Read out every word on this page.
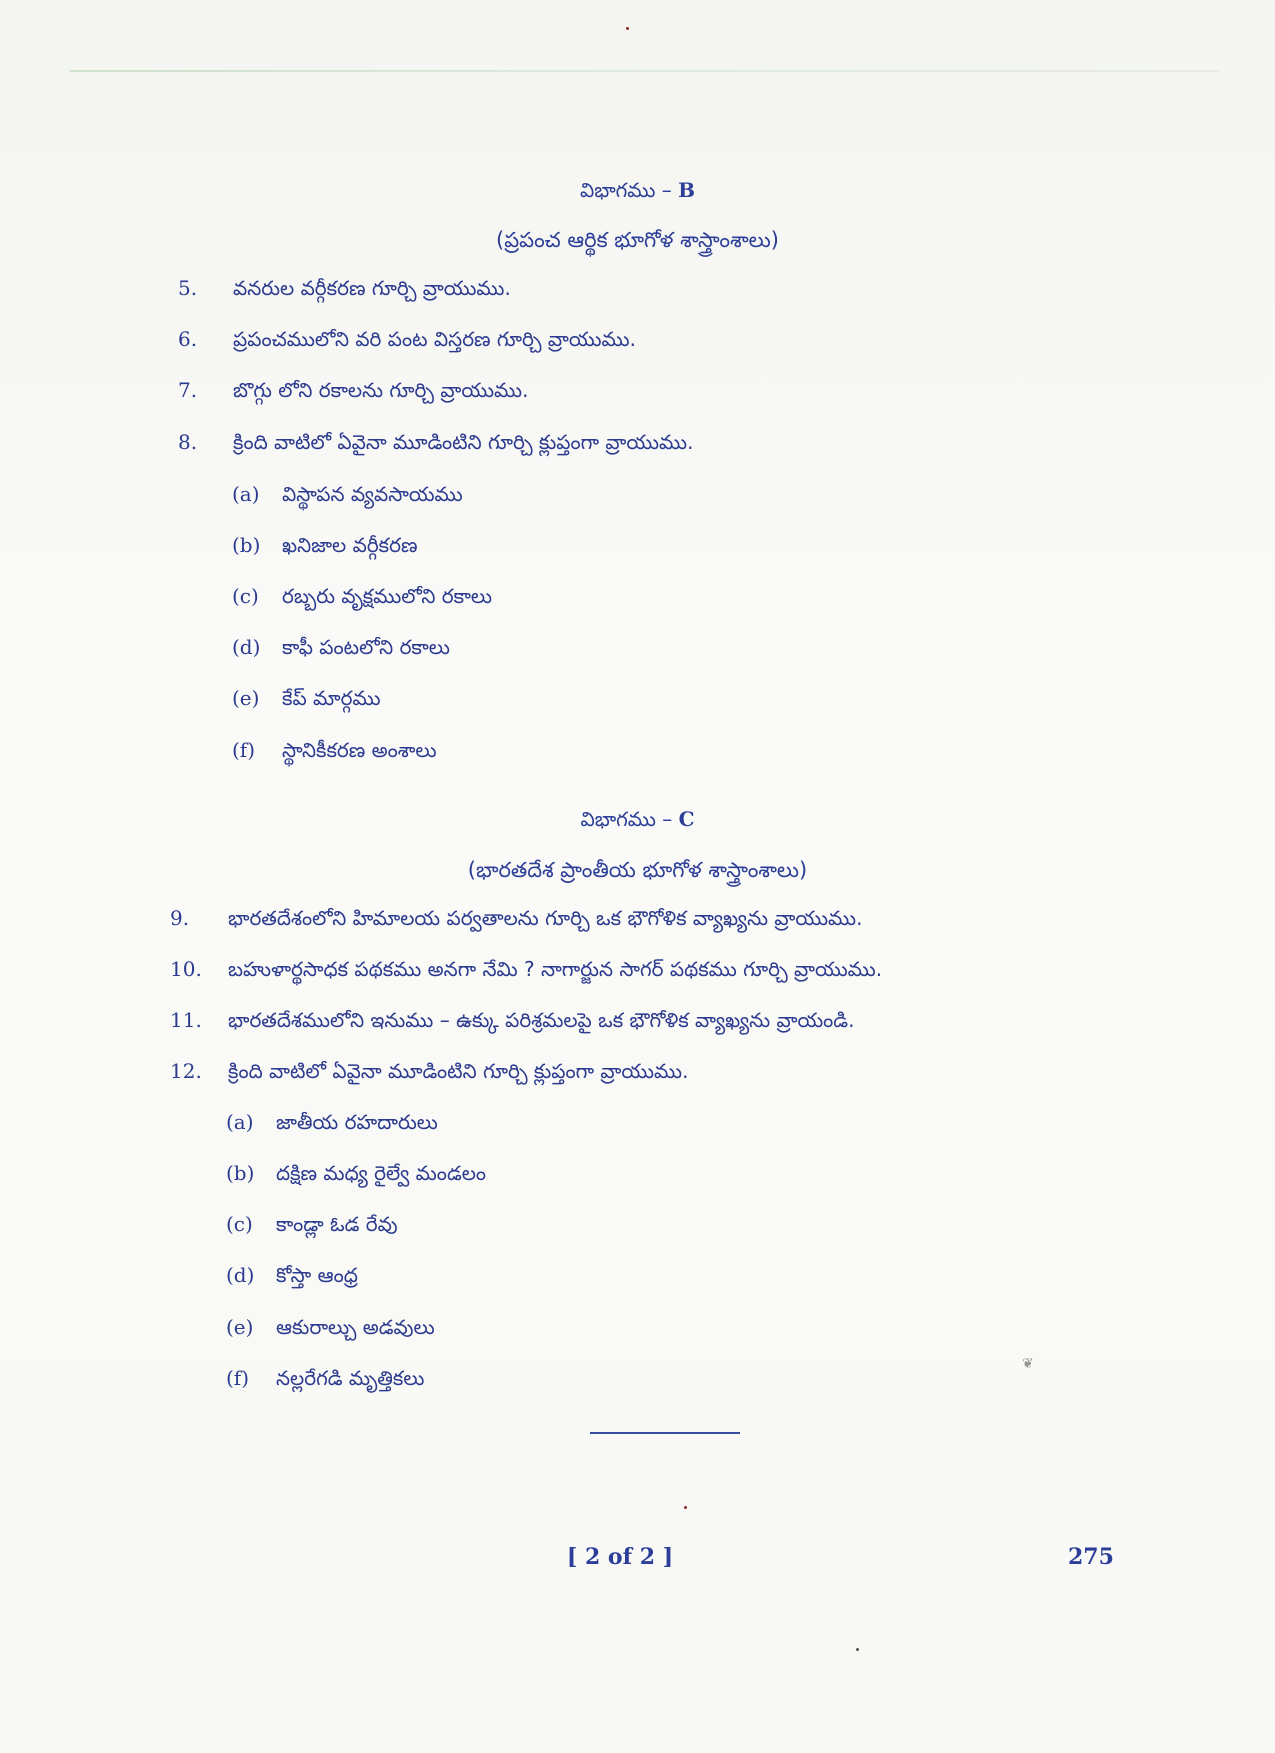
విభాగము – B
(ప్రపంచ ఆర్థిక భూగోళ శాస్త్రాంశాలు)
5. వనరుల వర్గీకరణ గూర్చి వ్రాయుము.
6. ప్రపంచములోని వరి పంట విస్తరణ గూర్చి వ్రాయుము.
7. బొగ్గు లోని రకాలను గూర్చి వ్రాయుము.
8. క్రింది వాటిలో ఏవైనా మూడింటిని గూర్చి క్లుప్తంగా వ్రాయుము.
(a) విస్థాపన వ్యవసాయము
(b) ఖనిజాల వర్గీకరణ
(c) రబ్బరు వృక్షములోని రకాలు
(d) కాఫీ పంటలోని రకాలు
(e) కేప్ మార్గము
(f) స్థానికీకరణ అంశాలు
విభాగము – C
(భారతదేశ ప్రాంతీయ భూగోళ శాస్త్రాంశాలు)
9. భారతదేశంలోని హిమాలయ పర్వతాలను గూర్చి ఒక భౌగోళిక వ్యాఖ్యను వ్రాయుము.
10. బహుళార్థసాధక పథకము అనగా నేమి ? నాగార్జున సాగర్ పథకము గూర్చి వ్రాయుము.
11. భారతదేశములోని ఇనుము – ఉక్కు పరిశ్రమలపై ఒక భౌగోళిక వ్యాఖ్యను వ్రాయండి.
12. క్రింది వాటిలో ఏవైనా మూడింటిని గూర్చి క్లుప్తంగా వ్రాయుము.
(a) జాతీయ రహదారులు
(b) దక్షిణ మధ్య రైల్వే మండలం
(c) కాండ్లా ఓడ రేవు
(d) కోస్తా ఆంధ్ర
(e) ఆకురాల్చు అడవులు
(f) నల్లరేగడి మృత్తికలు
❦
[ 2 of 2 ]	275
